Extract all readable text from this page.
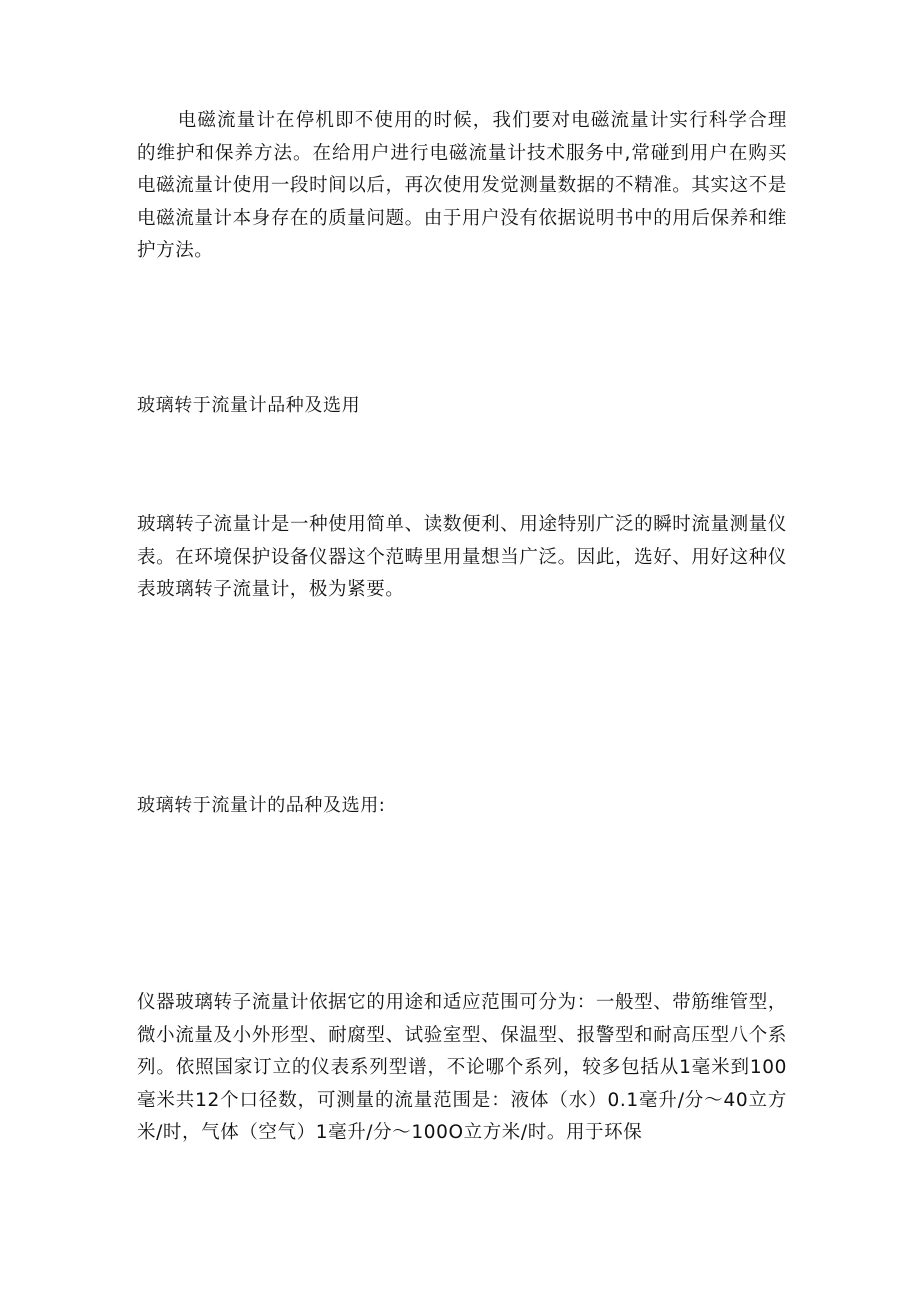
电磁流量计在停机即不使用的时候，我们要对电磁流量计实行科学合理的维护和保养方法。在给用户进行电磁流量计技术服务中,常碰到用户在购买电磁流量计使用一段时间以后，再次使用发觉测量数据的不精准。其实这不是电磁流量计本身存在的质量问题。由于用户没有依据说明书中的用后保养和维护方法。

玻璃转于流量计品种及选用

玻璃转子流量计是一种使用简单、读数便利、用途特别广泛的瞬时流量测量仪表。在环境保护设备仪器这个范畴里用量想当广泛。因此，选好、用好这种仪表玻璃转子流量计，极为紧要。

玻璃转于流量计的品种及选用:

仪器玻璃转子流量计依据它的用途和适应范围可分为：一般型、带筋维管型，微小流量及小外形型、耐腐型、试验室型、保温型、报警型和耐高压型八个系列。依照国家订立的仪表系列型谱，不论哪个系列，较多包括从1毫米到100毫米共12个口径数，可测量的流量范围是：液体（水）0.1毫升/分～40立方米/时，气体（空气）1毫升/分～100O立方米/时。用于环保
